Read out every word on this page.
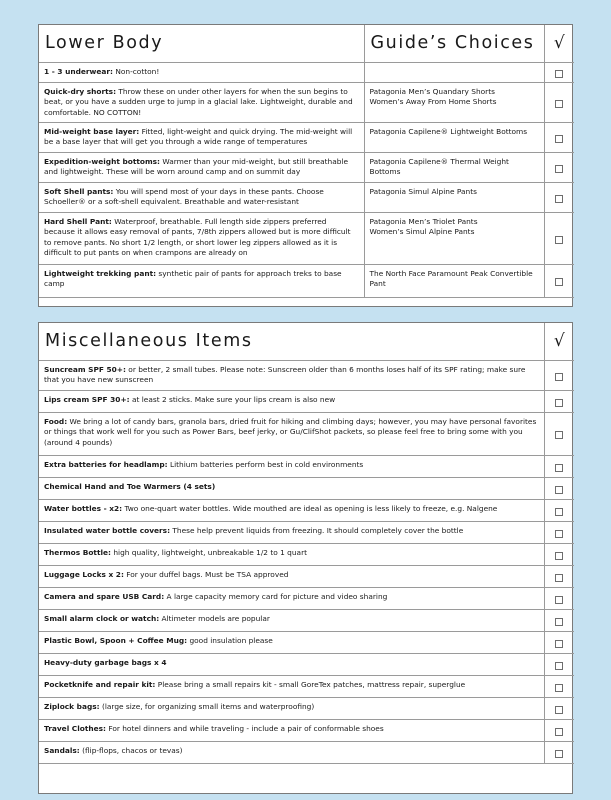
Lower Body	Guide’s Choices	√
1 - 3 underwear: Non-cotton!		
Quick-dry shorts: Throw these on under other layers for when the sun begins to beat, or you have a sudden urge to jump in a glacial lake. Lightweight, durable and comfortable. NO COTTON!	Patagonia Men’s Quandary Shorts
Women’s Away From Home Shorts	

Mid-weight base layer: Fitted, light-weight and quick drying. The mid-weight will be a base layer that will get you through a wide range of temperatures	Patagonia Capilene® Lightweight Bottoms	

Expedition-weight bottoms: Warmer than your mid-weight, but still breathable and lightweight. These will be worn around camp and on summit day	Patagonia Capilene® Thermal Weight Bottoms	

Soft Shell pants: You will spend most of your days in these pants. Choose Schoeller® or a soft-shell equivalent. Breathable and water-resistant	Patagonia Simul Alpine Pants	

Hard Shell Pant: Waterproof, breathable. Full length side zippers preferred because it allows easy removal of pants, 7/8th zippers allowed but is more difficult to remove pants. No short 1/2 length, or short lower leg zippers allowed as it is difficult to put pants on when crampons are already on	Patagonia Men’s Triolet Pants
Women’s Simul Alpine Pants	

Lightweight trekking pant: synthetic pair of pants for approach treks to base camp	The North Face Paramount Peak Convertible Pant	

Miscellaneous Items	√
Suncream SPF 50+: or better, 2 small tubes. Please note: Sunscreen older than 6 months loses half of its SPF rating; make sure that you have new sunscreen	
Lips cream SPF 30+: at least 2 sticks. Make sure your lips cream is also new	
Food: We bring a lot of candy bars, granola bars, dried fruit for hiking and climbing days; however, you may have personal favorites or things that work well for you such as Power Bars, beef jerky, or Gu/ClifShot packets, so please feel free to bring some with you (around 4 pounds)	
Extra batteries for headlamp: Lithium batteries perform best in cold environments	
Chemical Hand and Toe Warmers (4 sets)	
Water bottles - x2: Two one-quart water bottles. Wide mouthed are ideal as opening is less likely to freeze, e.g. Nalgene	
Insulated water bottle covers: These help prevent liquids from freezing. It should completely cover the bottle	
Thermos Bottle: high quality, lightweight, unbreakable 1/2 to 1 quart	
Luggage Locks x 2: For your duffel bags. Must be TSA approved	
Camera and spare USB Card: A large capacity memory card for picture and video sharing	
Small alarm clock or watch: Altimeter models are popular	
Plastic Bowl, Spoon + Coffee Mug: good insulation please	
Heavy-duty garbage bags x 4	
Pocketknife and repair kit: Please bring a small repairs kit - small GoreTex patches, mattress repair, superglue	
Ziplock bags: (large size, for organizing small items and waterproofing)	
Travel Clothes: For hotel dinners and while traveling - include a pair of conformable shoes	
Sandals: (flip-flops, chacos or tevas)	
